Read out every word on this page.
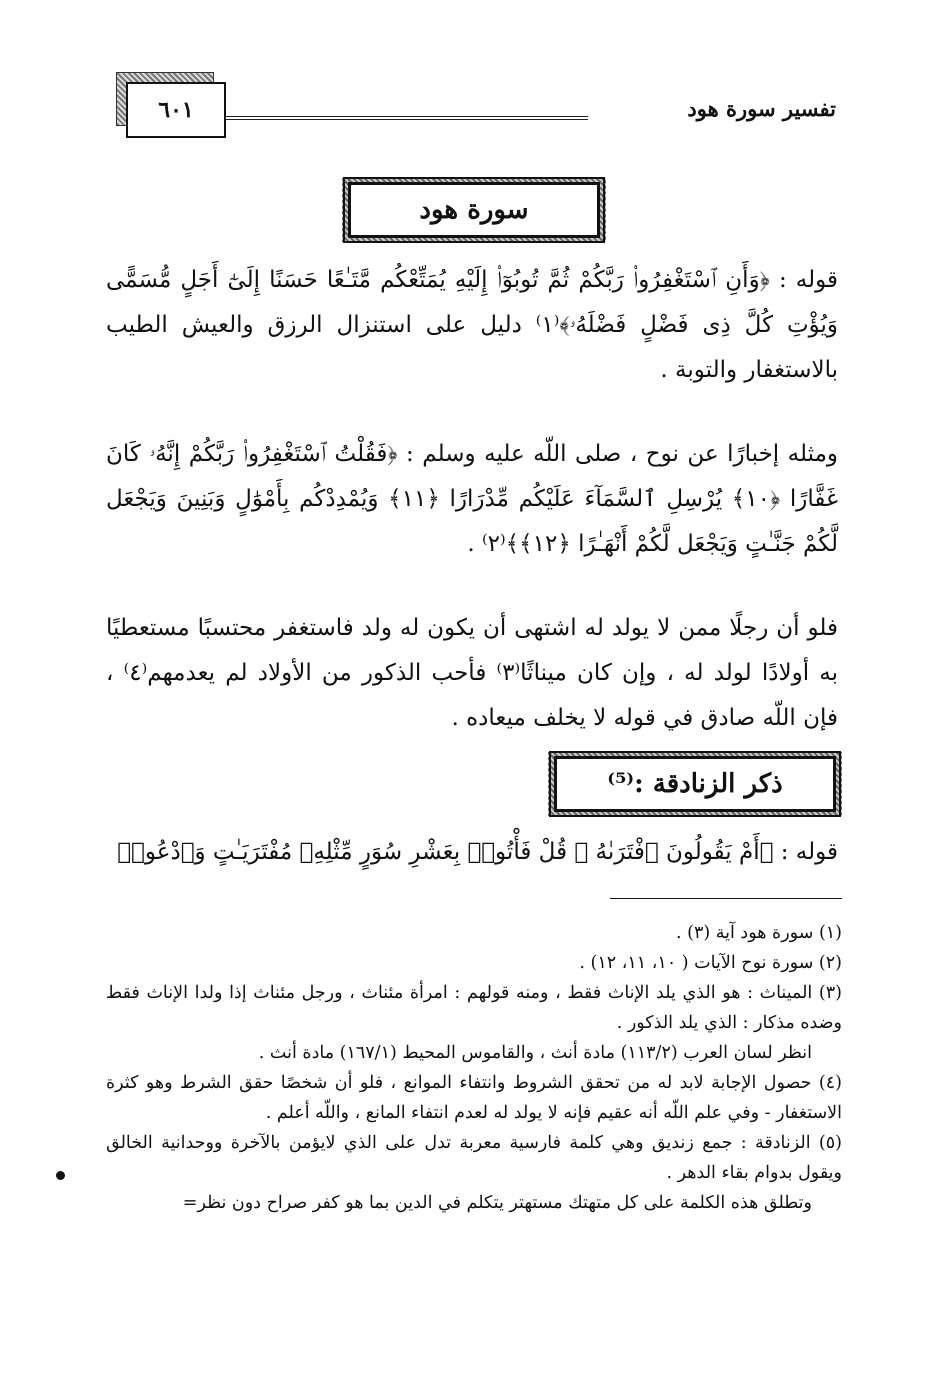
تفسير سورة هود
٦٠١
سورة هود
قوله : ﴿وَأَنِ ٱسْتَغْفِرُوا۟ رَبَّكُمْ ثُمَّ تُوبُوٓا۟ إِلَيْهِ يُمَتِّعْكُم مَّتَـٰعًا حَسَنًا إِلَىٰٓ أَجَلٍ مُّسَمًّى وَيُؤْتِ كُلَّ ذِى فَضْلٍ فَضْلَهُۥ﴾⁽١⁾ دليل على استنزال الرزق والعيش الطيب بالاستغفار والتوبة .
ومثله إخبارًا عن نوح ، صلى اللّه عليه وسلم : ﴿فَقُلْتُ ٱسْتَغْفِرُوا۟ رَبَّكُمْ إِنَّهُۥ كَانَ غَفَّارًا ﴿١٠﴾ يُرْسِلِ ٱلسَّمَآءَ عَلَيْكُم مِّدْرَارًا ﴿١١﴾ وَيُمْدِدْكُم بِأَمْوَٰلٍ وَبَنِينَ وَيَجْعَل لَّكُمْ جَنَّـٰتٍ وَيَجْعَل لَّكُمْ أَنْهَـٰرًا ﴿١٢﴾﴾⁽٢⁾ .
فلو أن رجلًا ممن لا يولد له اشتهى أن يكون له ولد فاستغفر محتسبًا مستعطيًا به أولادًا لولد له ، وإن كان ميناثًا⁽٣⁾ فأحب الذكور من الأولاد لم يعدمهم⁽٤⁾ ، فإن اللّه صادق في قوله لا يخلف ميعاده .
ذكر الزنادقة :⁽⁵⁾
قوله : ﴿أَمْ يَقُولُونَ ٱفْتَرَىٰهُ ۖ قُلْ فَأْتُوا۟ بِعَشْرِ سُوَرٍ مِّثْلِهِۦ مُفْتَرَيَـٰتٍ وَٱدْعُوا۟

(١) سورة هود آية (٣) .

(٢) سورة نوح الآيات ( ١٠، ١١، ١٢) .

(٣) الميناث : هو الذي يلد الإناث فقط ، ومنه قولهم : امرأة مئناث ، ورجل مئناث إذا ولدا الإناث فقط وضده مذكار : الذي يلد الذكور .

انظر لسان العرب (١١٣/٢) مادة أنث ، والقاموس المحيط (١٦٧/١) مادة أنث .

(٤) حصول الإجابة لابد له من تحقق الشروط وانتفاء الموانع ، فلو أن شخصًا حقق الشرط وهو كثرة الاستغفار - وفي علم اللّه أنه عقيم فإنه لا يولد له لعدم انتفاء المانع ، واللّه أعلم .

(٥) الزنادقة : جمع زنديق وهي كلمة فارسية معربة تدل على الذي لايؤمن بالآخرة ووحدانية الخالق ويقول بدوام بقاء الدهر .

وتطلق هذه الكلمة على كل متهتك مستهتر يتكلم في الدين بما هو كفر صراح دون نظر=
